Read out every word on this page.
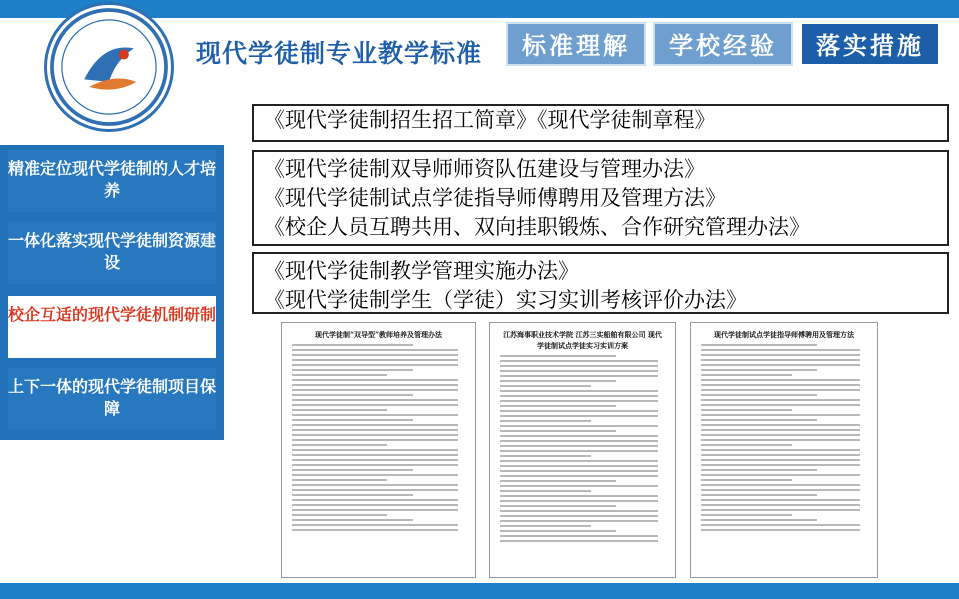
现代学徒制专业教学标准	标准理解	学校经验	落实措施
精准定位现代学徒制的人才培养
一体化落实现代学徒制资源建设
校企互适的现代学徒机制研制
上下一体的现代学徒制项目保障
《现代学徒制招生招工简章》《现代学徒制章程》
《现代学徒制双导师师资队伍建设与管理办法》
《现代学徒制试点学徒指导师傅聘用及管理方法》
《校企人员互聘共用、双向挂职锻炼、合作研究管理办法》
《现代学徒制教学管理实施办法》
《现代学徒制学生（学徒）实习实训考核评价办法》
现代学徒制“双导型”教师培养及管理办法	江苏海事职业技术学院 江苏三实船舶有限公司 现代学徒制试点学徒实习实训方案
现代学徒制试点学徒指导师傅聘用及管理方法
